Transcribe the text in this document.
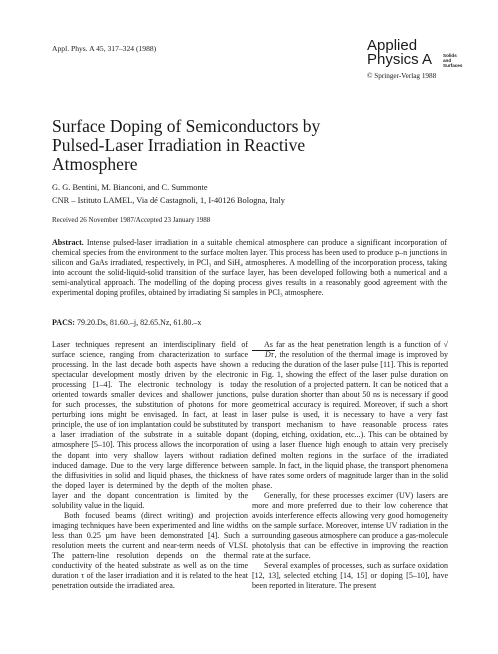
Appl. Phys. A 45, 317–324 (1988)	Applied
Physics A Solids
and
Surfaces
© Springer-Verlag 1988
Surface Doping of Semiconductors by Pulsed-Laser Irradiation in Reactive Atmosphere
G. G. Bentini, M. Bianconi, and C. Summonte
CNR – Istituto LAMEL, Via dé Castagnoli, 1, I-40126 Bologna, Italy
Received 26 November 1987/Accepted 23 January 1988
Abstract. Intense pulsed-laser irradiation in a suitable chemical atmosphere can produce a significant incorporation of chemical species from the environment to the surface molten layer. This process has been used to produce p–n junctions in silicon and GaAs irradiated, respectively, in PCl₃ and SiH₄ atmospheres. A modelling of the incorporation process, taking into account the solid-liquid-solid transition of the surface layer, has been developed following both a numerical and a semi-analytical approach. The modelling of the doping process gives results in a reasonably good agreement with the experimental doping profiles, obtained by irradiating Si samples in PCl₃ atmosphere.
PACS: 79.20.Ds, 81.60.–j, 82.65.Nz, 61.80.–x

Laser techniques represent an interdisciplinary field of surface science, ranging from characterization to surface processing. In the last decade both aspects have shown a spectacular development mostly driven by the electronic processing [1–4]. The electronic technology is today oriented towards smaller devices and shallower junctions, for such processes, the substitution of photons for more perturbing ions might be envisaged. In fact, at least in principle, the use of ion implantation could be substituted by a laser irradiation of the substrate in a suitable dopant atmosphere [5–10]. This process allows the incorporation of the dopant into very shallow layers without radiation induced damage. Due to the very large difference between the diffusivities in solid and liquid phases, the thickness of the doped layer is determined by the depth of the molten layer and the dopant concentration is limited by the solubility value in the liquid.

Both focused beams (direct writing) and projection imaging techniques have been experimented and line widths less than 0.25 µm have been demonstrated [4]. Such a resolution meets the current and near-term needs of VLSI. The pattern-line resolution depends on the thermal conductivity of the heated substrate as well as on the time duration τ of the laser irradiation and it is related to the heat penetration outside the irradiated area.

As far as the heat penetration length is a function of √Dτ, the resolution of the thermal image is improved by reducing the duration of the laser pulse [11]. This is reported in Fig. 1, showing the effect of the laser pulse duration on the resolution of a projected pattern. It can be noticed that a pulse duration shorter than about 50 ns is necessary if good geometrical accuracy is required. Moreover, if such a short laser pulse is used, it is necessary to have a very fast transport mechanism to have reasonable process rates (doping, etching, oxidation, etc...). This can be obtained by using a laser fluence high enough to attain very precisely defined molten regions in the surface of the irradiated sample. In fact, in the liquid phase, the transport phenomena have rates some orders of magnitude larger than in the solid phase.

Generally, for these processes excimer (UV) lasers are more and more preferred due to their low coherence that avoids interference effects allowing very good homogeneity on the sample surface. Moreover, intense UV radiation in the surrounding gaseous atmosphere can produce a gas-molecule photolysis that can be effective in improving the reaction rate at the surface.

Several examples of processes, such as surface oxidation [12, 13], selected etching [14, 15] or doping [5–10], have been reported in literature. The present
